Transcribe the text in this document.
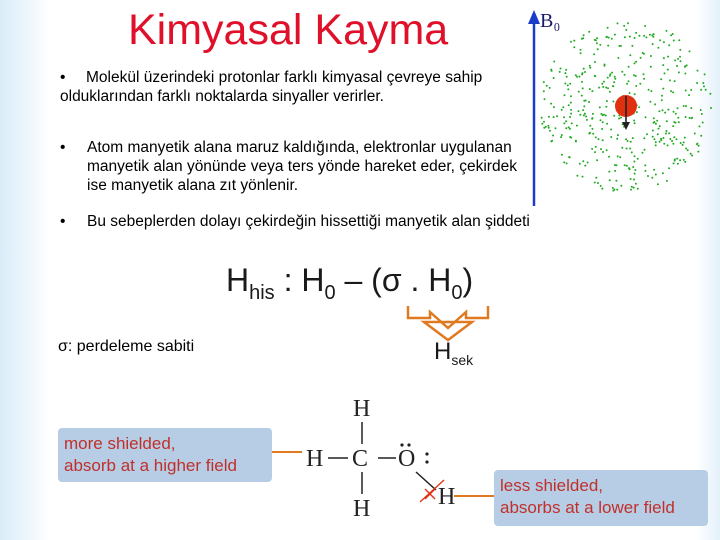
Kimyasal Kayma
•	Molekül üzerindeki protonlar farklı kimyasal çevreye sahip olduklarından farklı noktalarda sinyaller verirler.
•	Atom manyetik alana maruz kaldığında, elektronlar uygulanan manyetik alan yönünde veya ters yönde hareket eder, çekirdek ise manyetik alana zıt yönlenir.
•	Bu sebeplerden dolayı çekirdeğin hissettiği manyetik alan şiddeti
B₀
$H_{his}$ : $H_0 - (\sigma$ . $H_0$)
σ: perdeleme sabiti	$H_{sek}$
more shielded,
absorb at a higher field
H
H C O
H	H	less shielded,
absorbs at a lower field
